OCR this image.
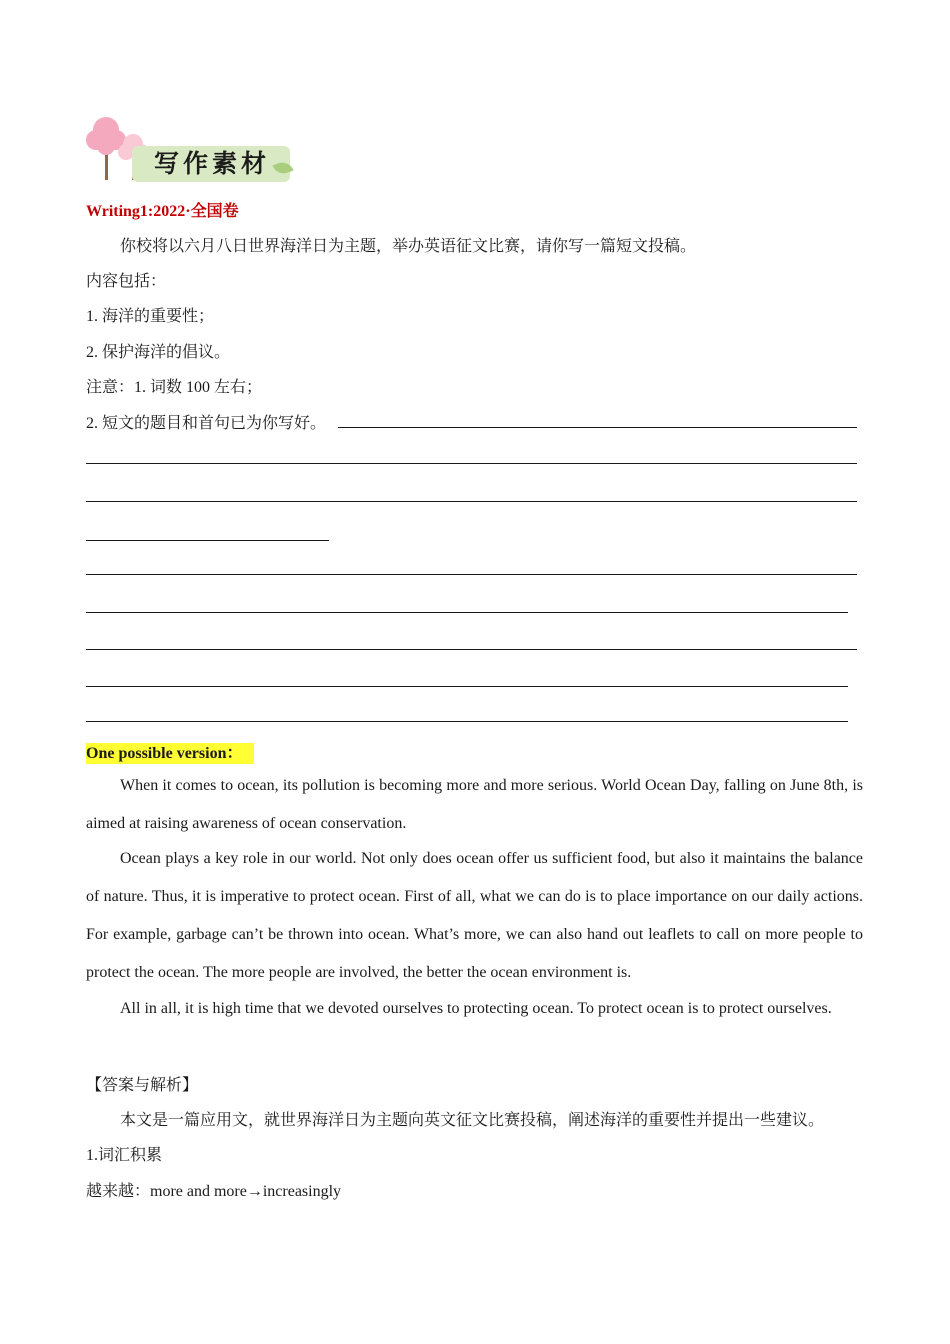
写作素材
Writing1:2022·全国卷
你校将以六月八日世界海洋日为主题，举办英语征文比赛，请你写一篇短文投稿。
内容包括：
1. 海洋的重要性；
2. 保护海洋的倡议。
注意：1. 词数 100 左右；
2. 短文的题目和首句已为你写好。
One possible version：
When it comes to ocean, its pollution is becoming more and more serious. World Ocean Day, falling on June 8th, is aimed at raising awareness of ocean conservation.
Ocean plays a key role in our world. Not only does ocean offer us sufficient food, but also it maintains the balance of nature. Thus, it is imperative to protect ocean. First of all, what we can do is to place importance on our daily actions. For example, garbage can’t be thrown into ocean. What’s more, we can also hand out leaflets to call on more people to protect the ocean. The more people are involved, the better the ocean environment is.
All in all, it is high time that we devoted ourselves to protecting ocean. To protect ocean is to protect ourselves.
【答案与解析】
本文是一篇应用文，就世界海洋日为主题向英文征文比赛投稿，阐述海洋的重要性并提出一些建议。
1.词汇积累
越来越：more and more→increasingly
